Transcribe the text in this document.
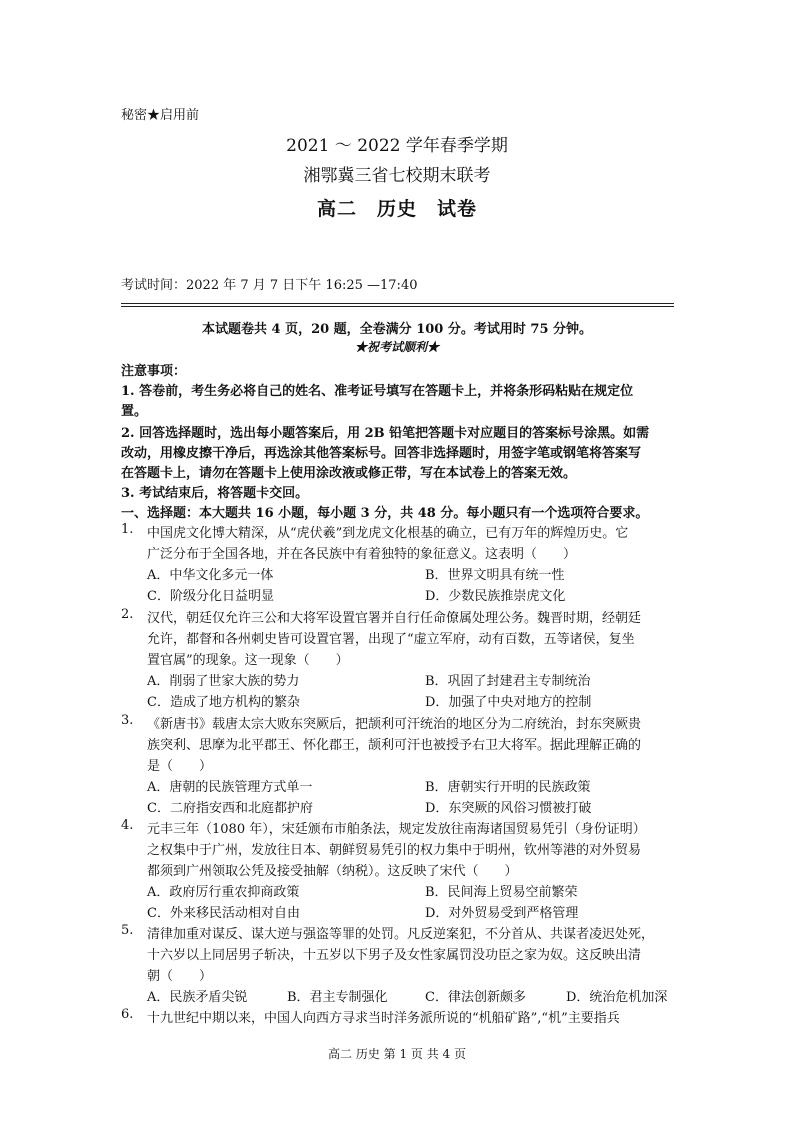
秘密★启用前
2021 ～ 2022 学年春季学期
湘鄂冀三省七校期末联考
高二　历史　试卷
考试时间：2022 年 7 月 7 日下午 16:25 —17:40
本试题卷共 4 页，20 题，全卷满分 100 分。考试用时 75 分钟。
★祝考试顺利★
注意事项：
1. 答卷前，考生务必将自己的姓名、准考证号填写在答题卡上，并将条形码粘贴在规定位
置。
2. 回答选择题时，选出每小题答案后，用 2B 铅笔把答题卡对应题目的答案标号涂黑。如需
改动，用橡皮擦干净后，再选涂其他答案标号。回答非选择题时，用签字笔或钢笔将答案写
在答题卡上，请勿在答题卡上使用涂改液或修正带，写在本试卷上的答案无效。
3. 考试结束后，将答题卡交回。
一、选择题：本大题共 16 小题，每小题 3 分，共 48 分。每小题只有一个选项符合要求。
1. 中国虎文化博大精深，从“虎伏羲”到龙虎文化根基的确立，已有万年的辉煌历史。它
广泛分布于全国各地，并在各民族中有着独特的象征意义。这表明（　　）
A．中华文化多元一体	B．世界文明具有统一性
C．阶级分化日益明显	D．少数民族推崇虎文化
2. 汉代，朝廷仅允许三公和大将军设置官署并自行任命僚属处理公务。魏晋时期，经朝廷
允许，都督和各州刺史皆可设置官署，出现了“虚立军府，动有百数，五等诸侯，复坐
置官属”的现象。这一现象（　　）
A．削弱了世家大族的势力	B．巩固了封建君主专制统治
C．造成了地方机构的繁杂	D．加强了中央对地方的控制
3. 《新唐书》载唐太宗大败东突厥后，把颉利可汗统治的地区分为二府统治，封东突厥贵
族突利、思摩为北平郡王、怀化郡王，颉利可汗也被授予右卫大将军。据此理解正确的
是（　　）
A．唐朝的民族管理方式单一	B．唐朝实行开明的民族政策
C．二府指安西和北庭都护府	D．东突厥的风俗习惯被打破
4. 元丰三年（1080 年），宋廷颁布市舶条法，规定发放往南海诸国贸易凭引（身份证明）
之权集中于广州，发放往日本、朝鲜贸易凭引的权力集中于明州，钦州等港的对外贸易
都须到广州领取公凭及接受抽解（纳税）。这反映了宋代（　　）
A．政府厉行重农抑商政策	B．民间海上贸易空前繁荣
C．外来移民活动相对自由	D．对外贸易受到严格管理
5. 清律加重对谋反、谋大逆与强盗等罪的处罚。凡反逆案犯，不分首从、共谋者凌迟处死，
十六岁以上同居男子斩决，十五岁以下男子及女性家属罚没功臣之家为奴。这反映出清
朝（　　）
A．民族矛盾尖锐	B．君主专制强化	C．律法创新颇多	D．统治危机加深
6. 十九世纪中期以来，中国人向西方寻求当时洋务派所说的“机船矿路”,“机”主要指兵
高二 历史 第 1 页 共 4 页
